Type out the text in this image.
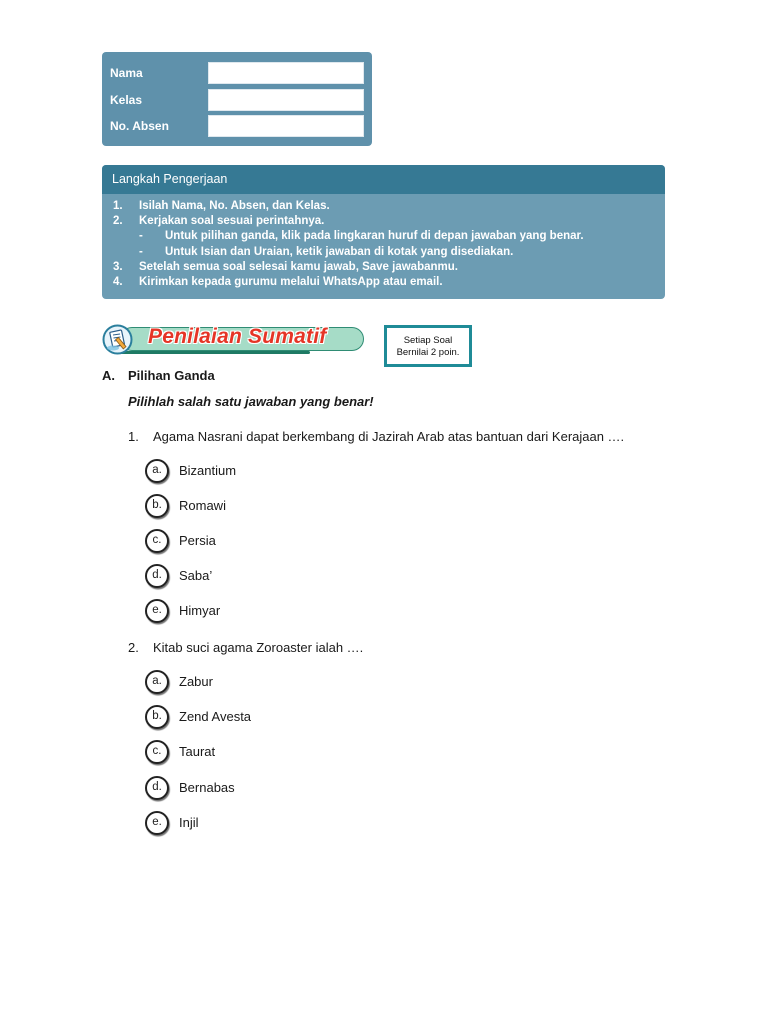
Nama
Kelas
No. Absen
Langkah Pengerjaan
1. Isilah Nama, No. Absen, dan Kelas.
2. Kerjakan soal sesuai perintahnya.
- Untuk pilihan ganda, klik pada lingkaran huruf di depan jawaban yang benar.
- Untuk Isian dan Uraian, ketik jawaban di kotak yang disediakan.
3. Setelah semua soal selesai kamu jawab, Save jawabanmu.
4. Kirimkan kepada gurumu melalui WhatsApp atau email.
Penilaian Sumatif	Setiap Soal
Bernilai 2 poin.
A. Pilihan Ganda
Pilihlah salah satu jawaban yang benar!
1. Agama Nasrani dapat berkembang di Jazirah Arab atas bantuan dari Kerajaan ….
a.	Bizantium
b.	Romawi
c.	Persia
d.	Saba’
e.	Himyar
2. Kitab suci agama Zoroaster ialah ….
a.	Zabur
b.	Zend Avesta
c.	Taurat
d.	Bernabas
e.	Injil
